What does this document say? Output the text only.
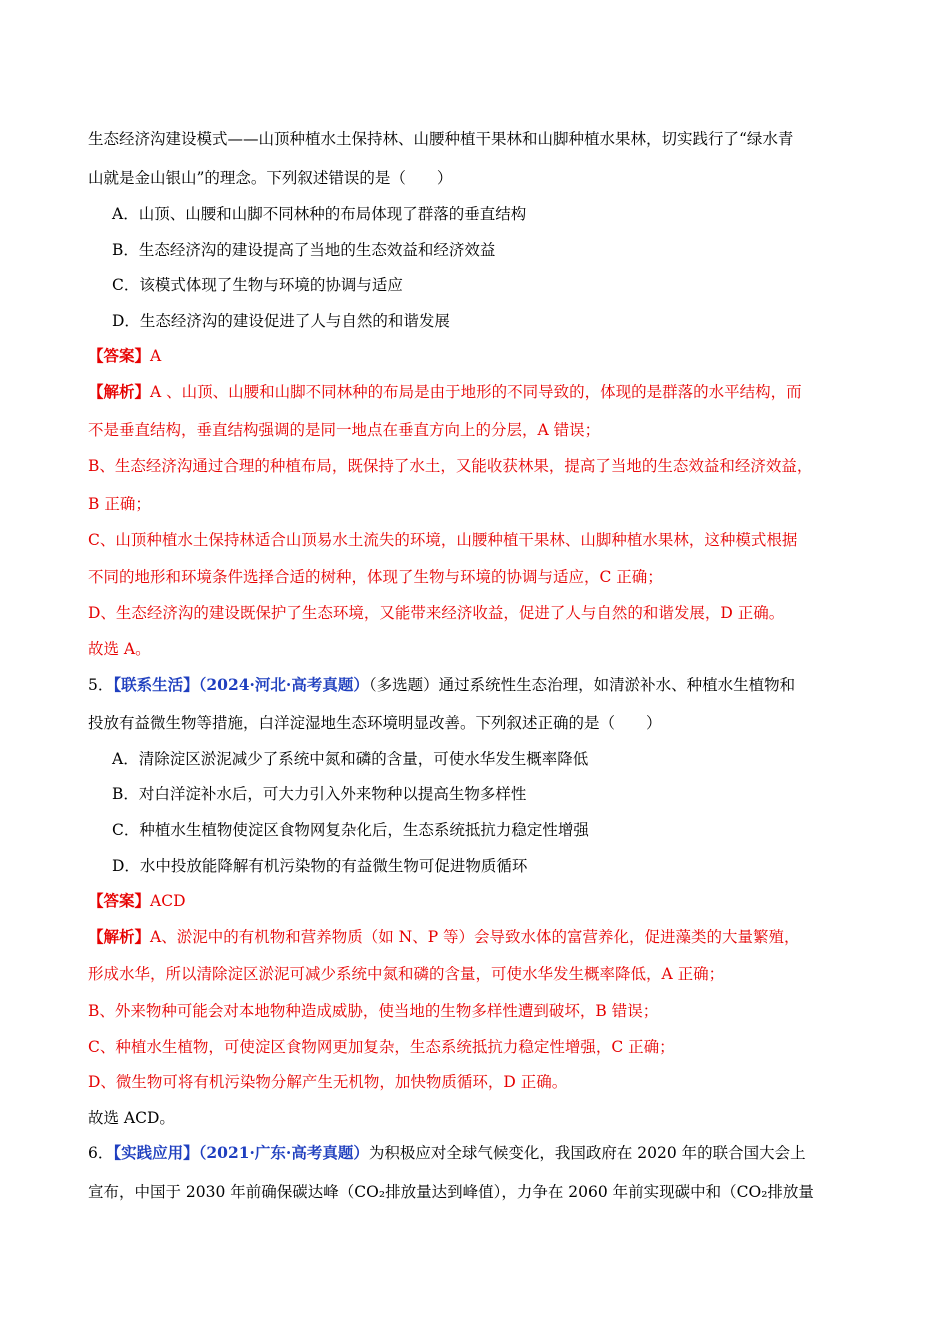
生态经济沟建设模式——山顶种植水土保持林、山腰种植干果林和山脚种植水果林，切实践行了“绿水青
山就是金山银山”的理念。下列叙述错误的是（　　）
A．山顶、山腰和山脚不同林种的布局体现了群落的垂直结构
B．生态经济沟的建设提高了当地的生态效益和经济效益
C．该模式体现了生物与环境的协调与适应
D．生态经济沟的建设促进了人与自然的和谐发展
【答案】A
【解析】A 、山顶、山腰和山脚不同林种的布局是由于地形的不同导致的，体现的是群落的水平结构，而
不是垂直结构，垂直结构强调的是同一地点在垂直方向上的分层，A 错误；
B、生态经济沟通过合理的种植布局，既保持了水土，又能收获林果，提高了当地的生态效益和经济效益，
B 正确；
C、山顶种植水土保持林适合山顶易水土流失的环境，山腰种植干果林、山脚种植水果林，这种模式根据
不同的地形和环境条件选择合适的树种，体现了生物与环境的协调与适应，C 正确；
D、生态经济沟的建设既保护了生态环境，又能带来经济收益，促进了人与自然的和谐发展，D 正确。
故选 A。
5．【联系生活】（2024·河北·高考真题）（多选题）通过系统性生态治理，如清淤补水、种植水生植物和
投放有益微生物等措施，白洋淀湿地生态环境明显改善。下列叙述正确的是（　　）
A．清除淀区淤泥减少了系统中氮和磷的含量，可使水华发生概率降低
B．对白洋淀补水后，可大力引入外来物种以提高生物多样性
C．种植水生植物使淀区食物网复杂化后，生态系统抵抗力稳定性增强
D．水中投放能降解有机污染物的有益微生物可促进物质循环
【答案】ACD
【解析】A、淤泥中的有机物和营养物质（如 N、P 等）会导致水体的富营养化，促进藻类的大量繁殖，
形成水华，所以清除淀区淤泥可减少系统中氮和磷的含量，可使水华发生概率降低，A 正确；
B、外来物种可能会对本地物种造成威胁，使当地的生物多样性遭到破坏，B 错误；
C、种植水生植物，可使淀区食物网更加复杂，生态系统抵抗力稳定性增强，C 正确；
D、微生物可将有机污染物分解产生无机物，加快物质循环，D 正确。
故选 ACD。
6．【实践应用】（2021·广东·高考真题）为积极应对全球气候变化，我国政府在 2020 年的联合国大会上
宣布，中国于 2030 年前确保碳达峰（CO₂排放量达到峰值），力争在 2060 年前实现碳中和（CO₂排放量
